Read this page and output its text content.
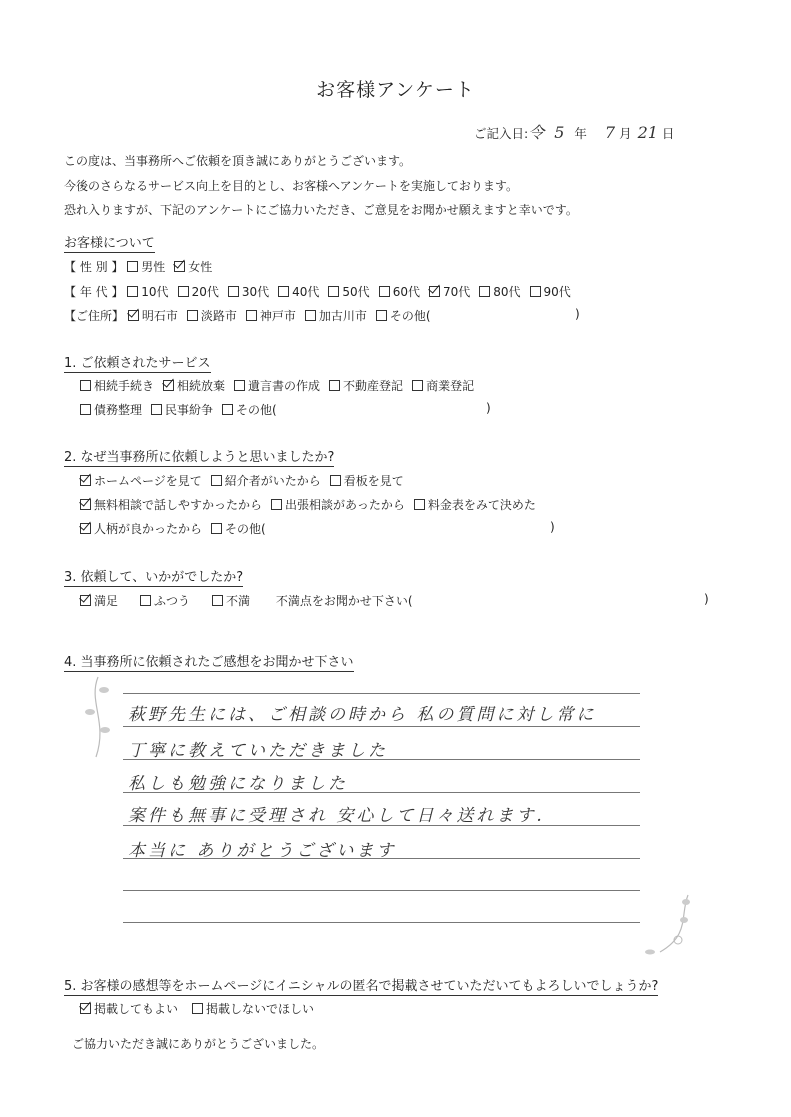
お客様アンケート
ご記入日:令 5 年 7 月 21 日
この度は、当事務所へご依頼を頂き誠にありがとうございます。
今後のさらなるサービス向上を目的とし、お客様へアンケートを実施しております。
恐れ入りますが、下記のアンケートにご協力いただき、ご意見をお聞かせ願えますと幸いです。
お客様について
【 性 別 】 男性 女性
【 年 代 】 10代 20代 30代 40代 50代 60代 70代 80代 90代
【ご住所】 明石市 淡路市 神戸市 加古川市 その他(	)
1. ご依頼されたサービス
相続手続き 相続放棄 遺言書の作成 不動産登記 商業登記
債務整理 民事紛争 その他(	)
2. なぜ当事務所に依頼しようと思いましたか?
ホームページを見て 紹介者がいたから 看板を見て
無料相談で話しやすかったから 出張相談があったから 料金表をみて決めた
人柄が良かったから その他(	)
3. 依頼して、いかがでしたか?
満足	ふつう	不満 不満点をお聞かせ下さい(	)
4. 当事務所に依頼されたご感想をお聞かせ下さい
萩野先生には、ご相談の時から 私の質問に対し常に
丁寧に教えていただきました
私しも勉強になりました
案件も無事に受理され 安心して日々送れます.
本当に ありがとうございます
5. お客様の感想等をホームページにイニシャルの匿名で掲載させていただいてもよろしいでしょうか?
掲載してもよい 掲載しないでほしい
ご協力いただき誠にありがとうございました。
